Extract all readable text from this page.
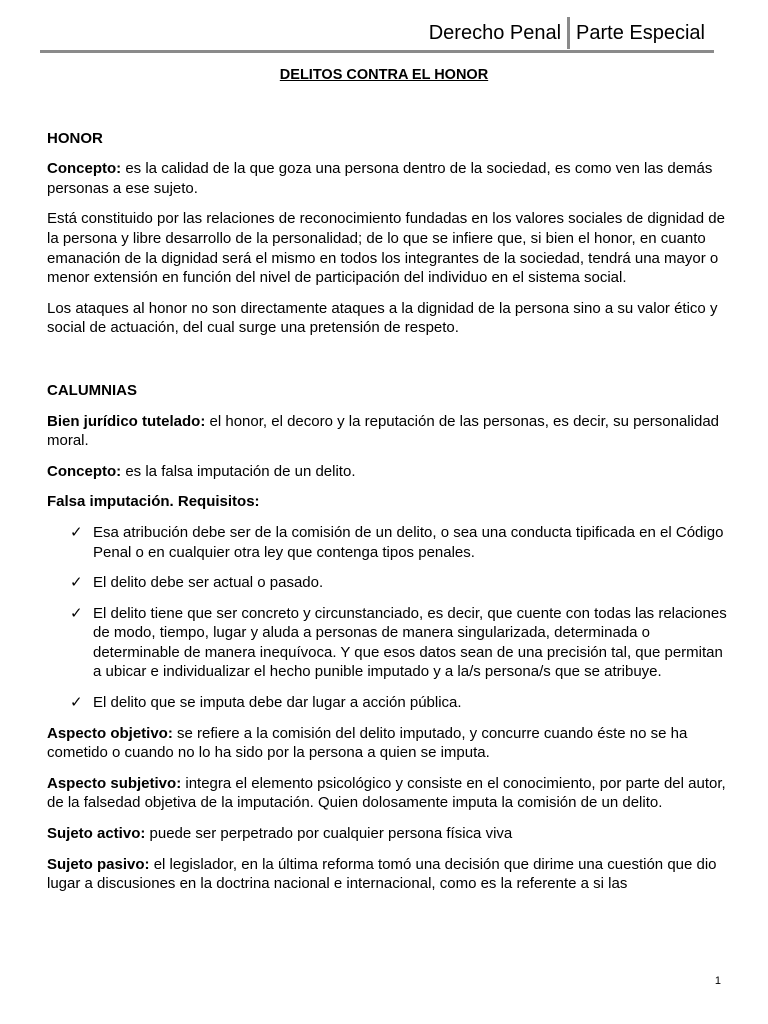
Derecho Penal Parte Especial

DELITOS CONTRA EL HONOR

HONOR

Concepto: es la calidad de la que goza una persona dentro de la sociedad, es como ven las demás personas a ese sujeto.

Está constituido por las relaciones de reconocimiento fundadas en los valores sociales de dignidad de la persona y libre desarrollo de la personalidad; de lo que se infiere que, si bien el honor, en cuanto emanación de la dignidad será el mismo en todos los integrantes de la sociedad, tendrá una mayor o menor extensión en función del nivel de participación del individuo en el sistema social.

Los ataques al honor no son directamente ataques a la dignidad de la persona sino a su valor ético y social de actuación, del cual surge una pretensión de respeto.

CALUMNIAS

Bien jurídico tutelado: el honor, el decoro y la reputación de las personas, es decir, su personalidad moral.

Concepto: es la falsa imputación de un delito.

Falsa imputación. Requisitos:

✓ Esa atribución debe ser de la comisión de un delito, o sea una conducta tipificada en el Código Penal o en cualquier otra ley que contenga tipos penales.
✓ El delito debe ser actual o pasado.
✓ El delito tiene que ser concreto y circunstanciado, es decir, que cuente con todas las relaciones de modo, tiempo, lugar y aluda a personas de manera singularizada, determinada o determinable de manera inequívoca. Y que esos datos sean de una precisión tal, que permitan a ubicar e individualizar el hecho punible imputado y a la/s persona/s que se atribuye.
✓ El delito que se imputa debe dar lugar a acción pública.

Aspecto objetivo: se refiere a la comisión del delito imputado, y concurre cuando éste no se ha cometido o cuando no lo ha sido por la persona a quien se imputa.

Aspecto subjetivo: integra el elemento psicológico y consiste en el conocimiento, por parte del autor, de la falsedad objetiva de la imputación. Quien dolosamente imputa la comisión de un delito.

Sujeto activo: puede ser perpetrado por cualquier persona física viva

Sujeto pasivo: el legislador, en la última reforma tomó una decisión que dirime una cuestión que dio lugar a discusiones en la doctrina nacional e internacional, como es la referente a si las

1
